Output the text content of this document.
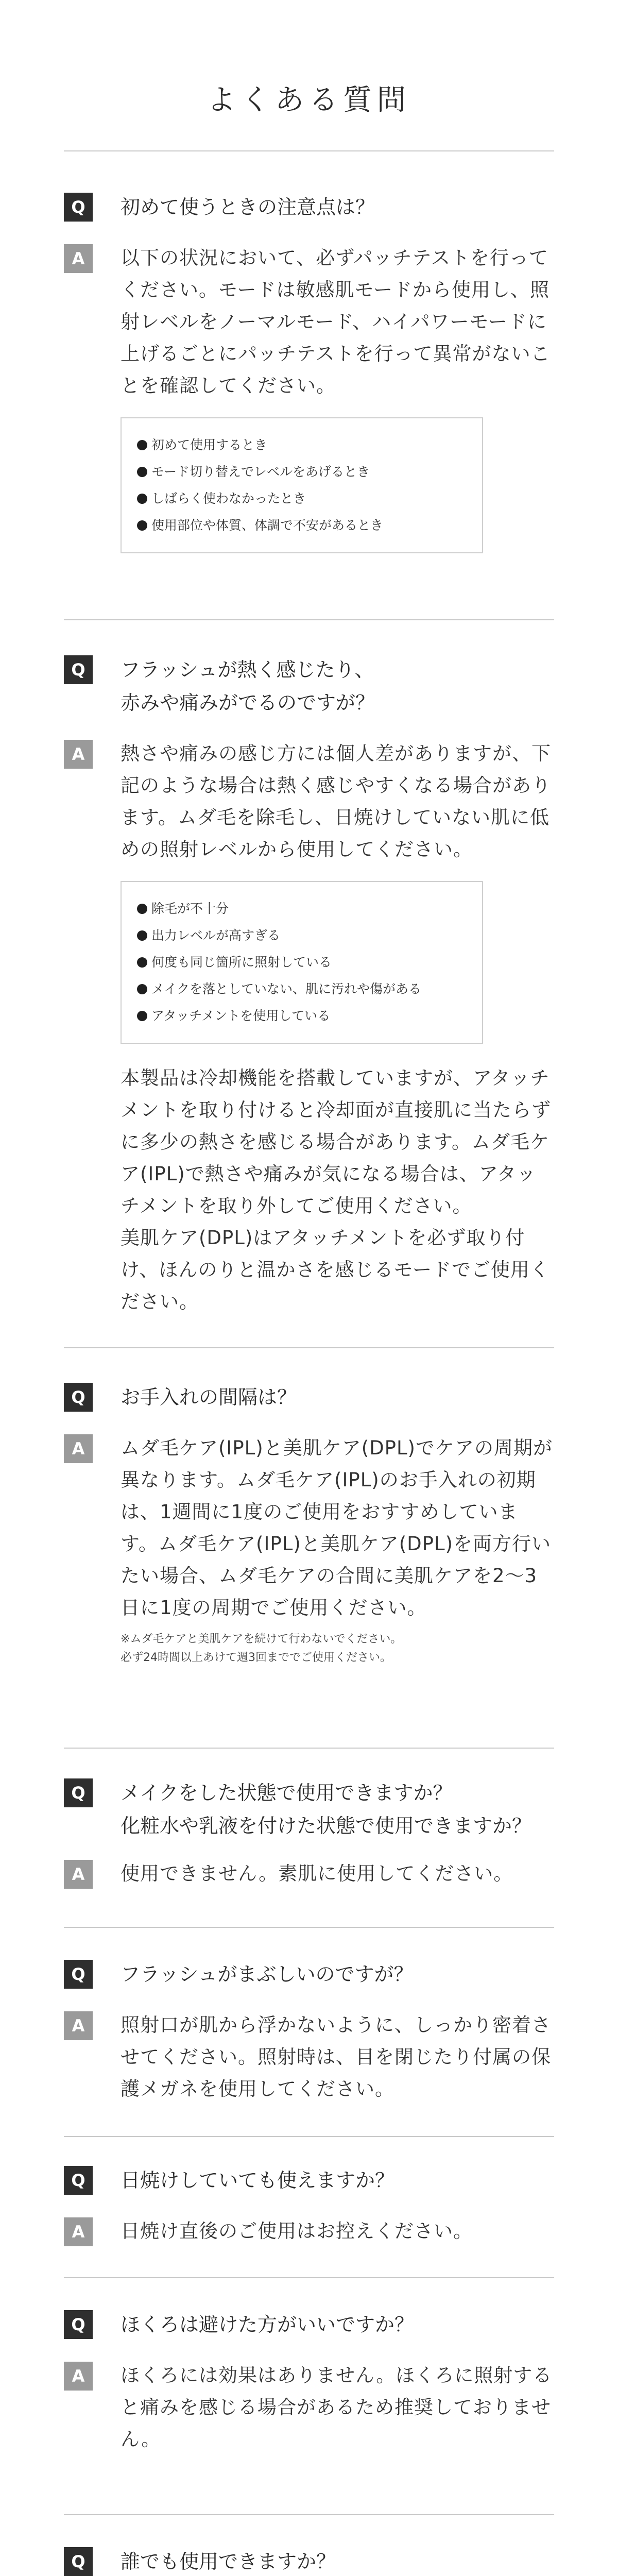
よくある質問
Q	初めて使うときの注意点は？
A	以下の状況において、必ずパッチテストを行ってください。モードは敏感肌モードから使用し、照射レベルをノーマルモード、ハイパワーモードに上げるごとにパッチテストを行って異常がないことを確認してください。
初めて使用するとき
モード切り替えでレベルをあげるとき
しばらく使わなかったとき
使用部位や体質、体調で不安があるとき
Q	フラッシュが熱く感じたり、
赤みや痛みがでるのですが？
A	熱さや痛みの感じ方には個人差がありますが、下記のような場合は熱く感じやすくなる場合があります。ムダ毛を除毛し、日焼けしていない肌に低めの照射レベルから使用してください。
除毛が不十分
出力レベルが高すぎる
何度も同じ箇所に照射している
メイクを落としていない、肌に汚れや傷がある
アタッチメントを使用している
本製品は冷却機能を搭載していますが、アタッチメントを取り付けると冷却面が直接肌に当たらずに多少の熱さを感じる場合があります。ムダ毛ケア(IPL)で熱さや痛みが気になる場合は、アタッチメントを取り外してご使用ください。
美肌ケア(DPL)はアタッチメントを必ず取り付け、ほんのりと温かさを感じるモードでご使用ください。
Q	お手入れの間隔は？
A	ムダ毛ケア(IPL)と美肌ケア(DPL)でケアの周期が異なります。ムダ毛ケア(IPL)のお手入れの初期は、1週間に1度のご使用をおすすめしています。ムダ毛ケア(IPL)と美肌ケア(DPL)を両方行いたい場合、ムダ毛ケアの合間に美肌ケアを2〜3日に1度の周期でご使用ください。
※ムダ毛ケアと美肌ケアを続けて行わないでください。
必ず24時間以上あけて週3回まででご使用ください。
Q	メイクをした状態で使用できますか？
化粧水や乳液を付けた状態で使用できますか？
A	使用できません。素肌に使用してください。
Q	フラッシュがまぶしいのですが？
A	照射口が肌から浮かないように、しっかり密着させてください。照射時は、目を閉じたり付属の保護メガネを使用してください。
Q	日焼けしていても使えますか？
A	日焼け直後のご使用はお控えください。
Q	ほくろは避けた方がいいですか？
A	ほくろには効果はありません。ほくろに照射すると痛みを感じる場合があるため推奨しておりません。
Q	誰でも使用できますか？
